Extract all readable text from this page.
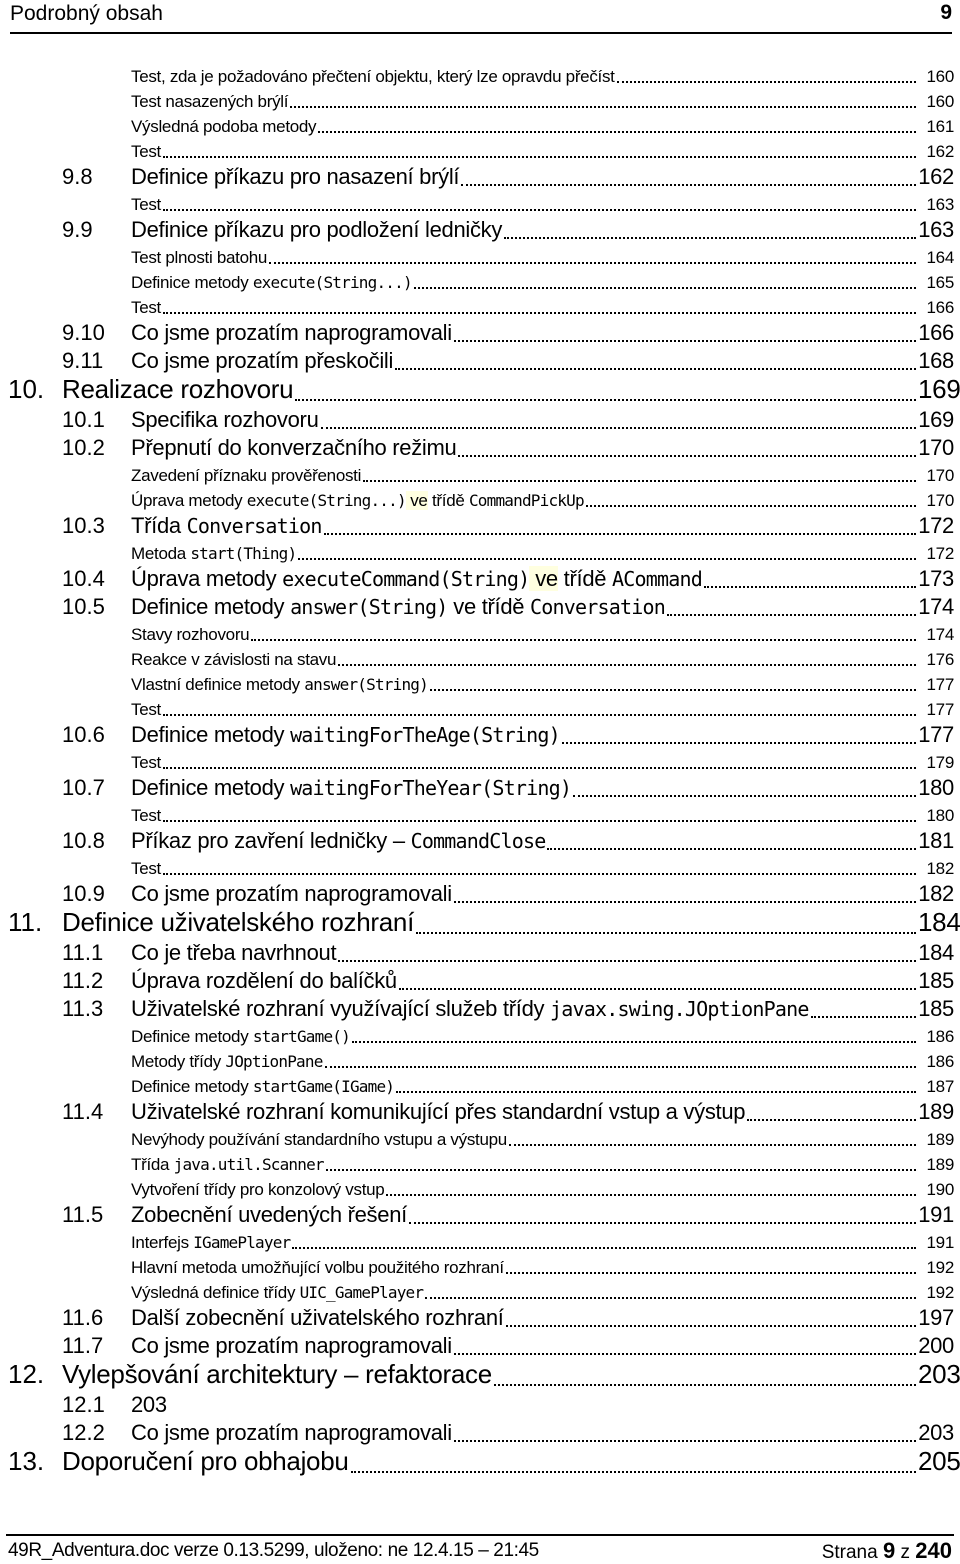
Podrobný obsah	9
Test, zda je požadováno přečtení objektu, který lze opravdu přečíst	160
Test nasazených brýlí	160
Výsledná podoba metody	161
Test	162
9.8 Definice příkazu pro nasazení brýlí	162
Test	163
9.9 Definice příkazu pro podložení ledničky	163
Test plnosti batohu	164
Definice metody execute(String...)	165
Test	166
9.10 Co jsme prozatím naprogramovali	166
9.11 Co jsme prozatím přeskočili	168
10. Realizace rozhovoru	169
10.1 Specifika rozhovoru	169
10.2 Přepnutí do konverzačního režimu	170
Zavedení příznaku prověřenosti	170
Úprava metody execute(String...) ve třídě CommandPickUp	170
10.3 Třída Conversation	172
Metoda start(Thing)	172
10.4 Úprava metody executeCommand(String) ve třídě ACommand	173
10.5 Definice metody answer(String) ve třídě Conversation	174
Stavy rozhovoru	174
Reakce v závislosti na stavu	176
Vlastní definice metody answer(String)	177
Test	177
10.6 Definice metody waitingForTheAge(String)	177
Test	179
10.7 Definice metody waitingForTheYear(String)	180
Test	180
10.8 Příkaz pro zavření ledničky – CommandClose	181
Test	182
10.9 Co jsme prozatím naprogramovali	182
11. Definice uživatelského rozhraní	184
11.1 Co je třeba navrhnout	184
11.2 Úprava rozdělení do balíčků	185
11.3 Uživatelské rozhraní využívající služeb třídy javax.swing.JOptionPane	185
Definice metody startGame()	186
Metody třídy JOptionPane	186
Definice metody startGame(IGame)	187
11.4 Uživatelské rozhraní komunikující přes standardní vstup a výstup	189
Nevýhody používání standardního vstupu a výstupu	189
Třída java.util.Scanner	189
Vytvoření třídy pro konzolový vstup	190
11.5 Zobecnění uvedených řešení	191
Interfejs IGamePlayer	191
Hlavní metoda umožňující volbu použitého rozhraní	192
Výsledná definice třídy UIC_GamePlayer	192
11.6 Další zobecnění uživatelského rozhraní	197
11.7 Co jsme prozatím naprogramovali	200
12. Vylepšování architektury – refaktorace	203
12.1 203
12.2 Co jsme prozatím naprogramovali	203
13. Doporučení pro obhajobu	205
49R_Adventura.doc verze 0.13.5299, uloženo: ne 12.4.15 – 21:45	Strana 9 z 240
